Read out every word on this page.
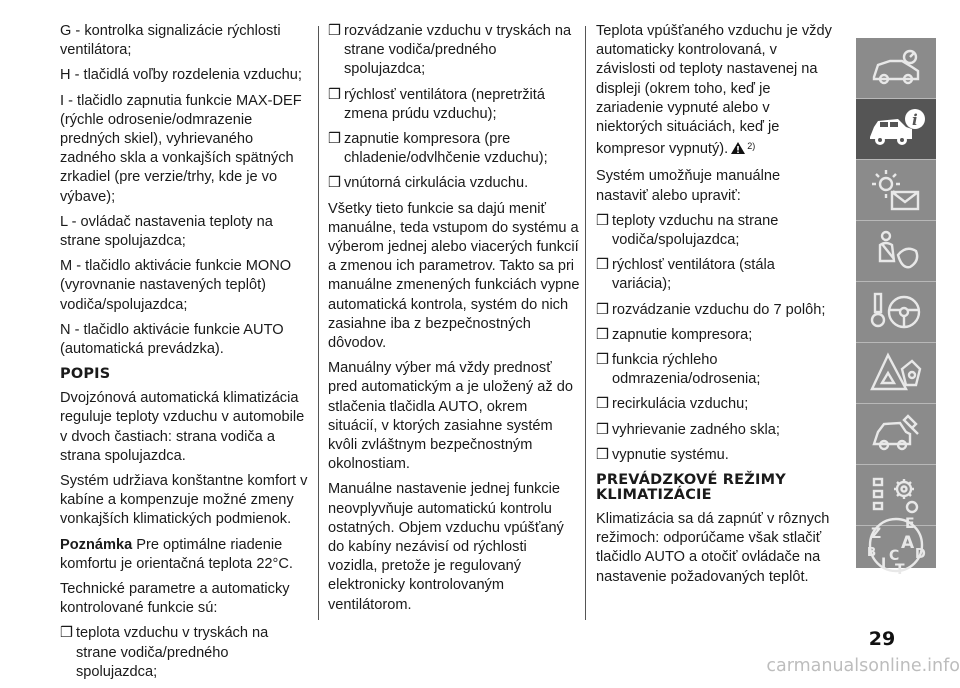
G - kontrolka signalizácie rýchlosti ventilátora;

H - tlačidlá voľby rozdelenia vzduchu;

I - tlačidlo zapnutia funkcie MAX-DEF (rýchle odrosenie/odmrazenie predných skiel), vyhrievaného zadného skla a vonkajších spätných zrkadiel (pre verzie/trhy, kde je vo výbave);

L - ovládač nastavenia teploty na strane spolujazdca;

M - tlačidlo aktivácie funkcie MONO (vyrovnanie nastavených teplôt) vodiča/spolujazdca;

N - tlačidlo aktivácie funkcie AUTO (automatická prevádzka).

POPIS

Dvojzónová automatická klimatizácia reguluje teploty vzduchu v automobile v dvoch častiach: strana vodiča a strana spolujazdca.

Systém udržiava konštantne komfort v kabíne a kompenzuje možné zmeny vonkajších klimatických podmienok.

Poznámka Pre optimálne riadenie komfortu je orientačná teplota 22°C.

Technické parametre a automaticky kontrolované funkcie sú:

❒ teplota vzduchu v tryskách na strane vodiča/predného spolujazdca;

❒ rozvádzanie vzduchu v tryskách na strane vodiča/predného spolujazdca;

❒ rýchlosť ventilátora (nepretržitá zmena prúdu vzduchu);

❒ zapnutie kompresora (pre chladenie/odvlhčenie vzduchu);

❒ vnútorná cirkulácia vzduchu.

Všetky tieto funkcie sa dajú meniť manuálne, teda vstupom do systému a výberom jednej alebo viacerých funkcií a zmenou ich parametrov. Takto sa pri manuálne zmenených funkciách vypne automatická kontrola, systém do nich zasiahne iba z bezpečnostných dôvodov.

Manuálny výber má vždy prednosť pred automatickým a je uložený až do stlačenia tlačidla AUTO, okrem situácií, v ktorých zasiahne systém kvôli zvláštnym bezpečnostným okolnostiam.

Manuálne nastavenie jednej funkcie neovplyvňuje automatickú kontrolu ostatných. Objem vzduchu vpúšťaný do kabíny nezávisí od rýchlosti vozidla, pretože je regulovaný elektronicky kontrolovaným ventilátorom.

Teplota vpúšťaného vzduchu je vždy automaticky kontrolovaná, v závislosti od teploty nastavenej na displeji (okrem toho, keď je zariadenie vypnuté alebo v niektorých situáciách, keď je kompresor vypnutý). $^{2)}$

Systém umožňuje manuálne nastaviť alebo upraviť:

❒ teploty vzduchu na strane vodiča/spolujazdca;

❒ rýchlosť ventilátora (stála variácia);

❒ rozvádzanie vzduchu do 7 polôh;

❒ zapnutie kompresora;

❒ funkcia rýchleho odmrazenia/odrosenia;

❒ recirkulácia vzduchu;

❒ vyhrievanie zadného skla;

❒ vypnutie systému.

PREVÁDZKOVÉ REŽIMY
KLIMATIZÁCIE

Klimatizácia sa dá zapnúť v rôznych režimoch: odporúčame však stlačiť tlačidlo AUTO a otočiť ovládače na nastavenie požadovaných teplôt.

i
Z
E
B A
I C
T
D
29
carmanualsonline.info
